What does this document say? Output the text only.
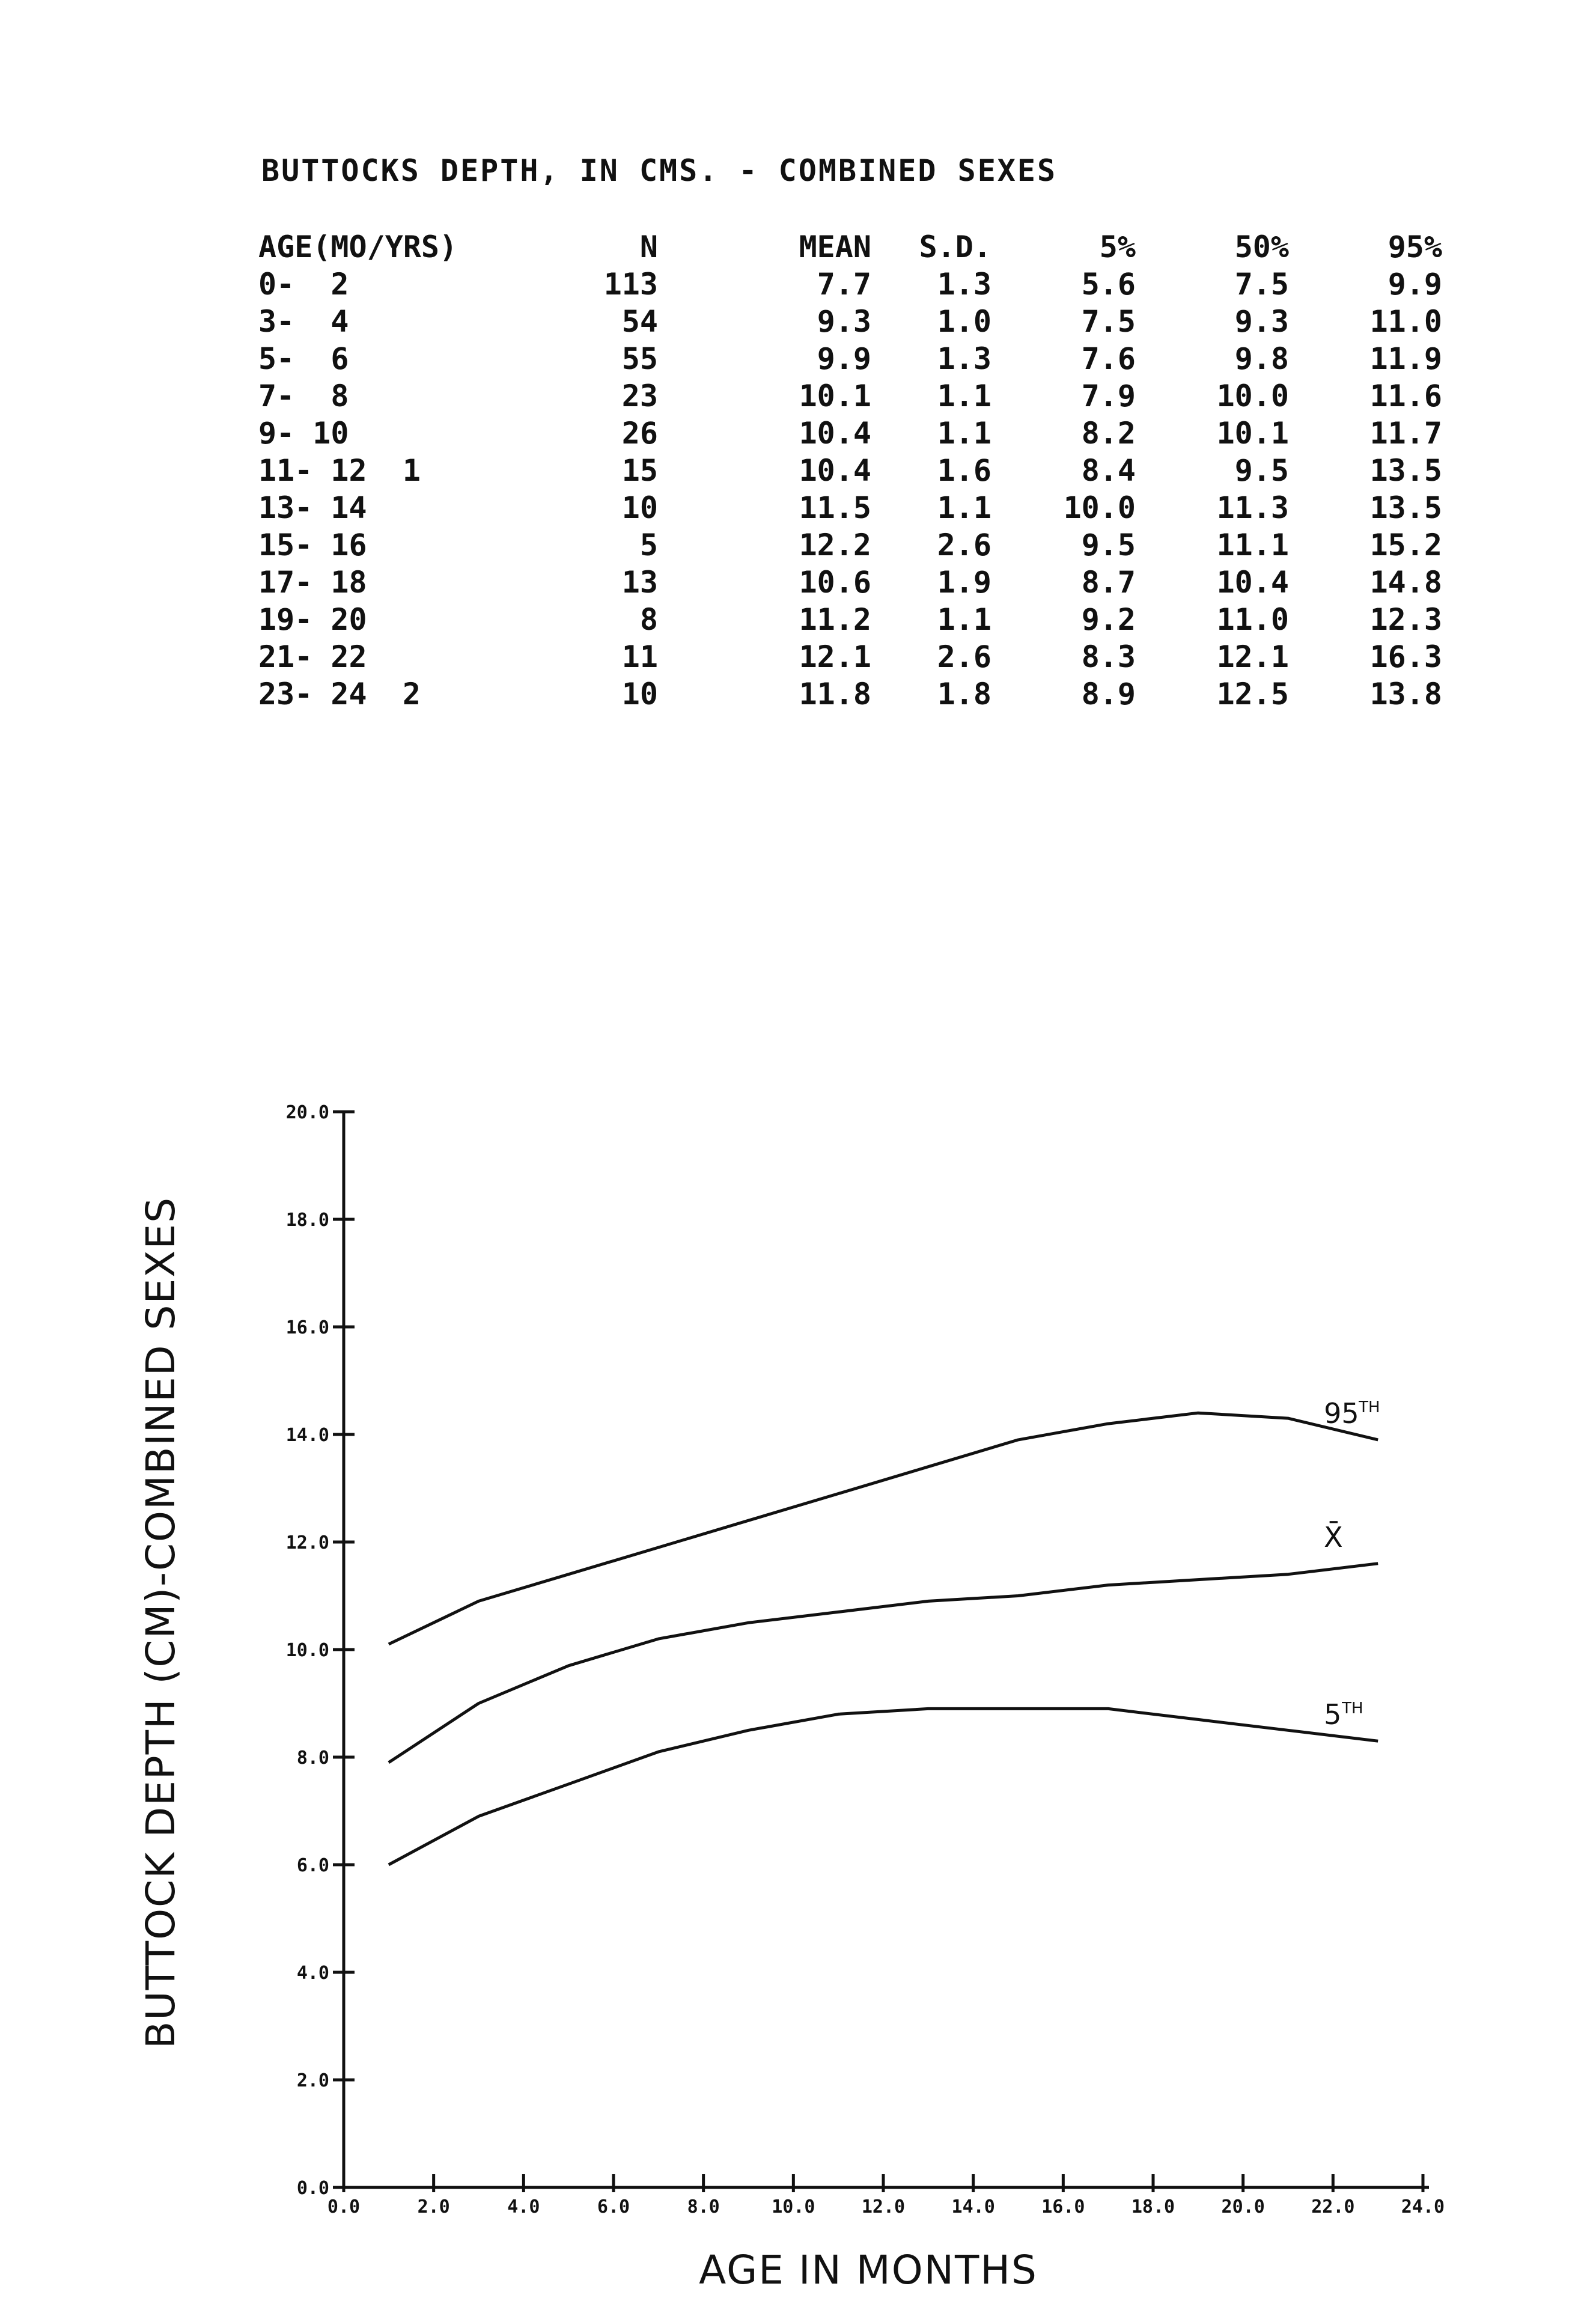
BUTTOCKS DEPTH, IN CMS. - COMBINED SEXES
AGE(MO/YRS)	N	MEAN	S.D.	5%	50%	95%
0-  2	113	7.7	1.3	5.6	7.5	9.9
3-  4	54	9.3	1.0	7.5	9.3	11.0
5-  6	55	9.9	1.3	7.6	9.8	11.9
7-  8	23	10.1	1.1	7.9	10.0	11.6
9- 10	26	10.4	1.1	8.2	10.1	11.7
11- 12 1	15	10.4	1.6	8.4	9.5	13.5
13- 14	10	11.5	1.1	10.0	11.3	13.5
15- 16	5	12.2	2.6	9.5	11.1	15.2
17- 18	13	10.6	1.9	8.7	10.4	14.8
19- 20	8	11.2	1.1	9.2	11.0	12.3
21- 22	11	12.1	2.6	8.3	12.1	16.3
23- 24 2	10	11.8	1.8	8.9	12.5	13.8
0.0
2.0
4.0
6.0
8.0
10.0
12.0
14.0
16.0
18.0
20.0
0.0	2.0	4.0	6.0	8.0	10.0	12.0	14.0	16.0	18.0	20.0	22.0	24.0
95 TH
X̄
5 TH
AGE IN MONTHS
BUTTOCK DEPTH (CM)-COMBINED SEXES
